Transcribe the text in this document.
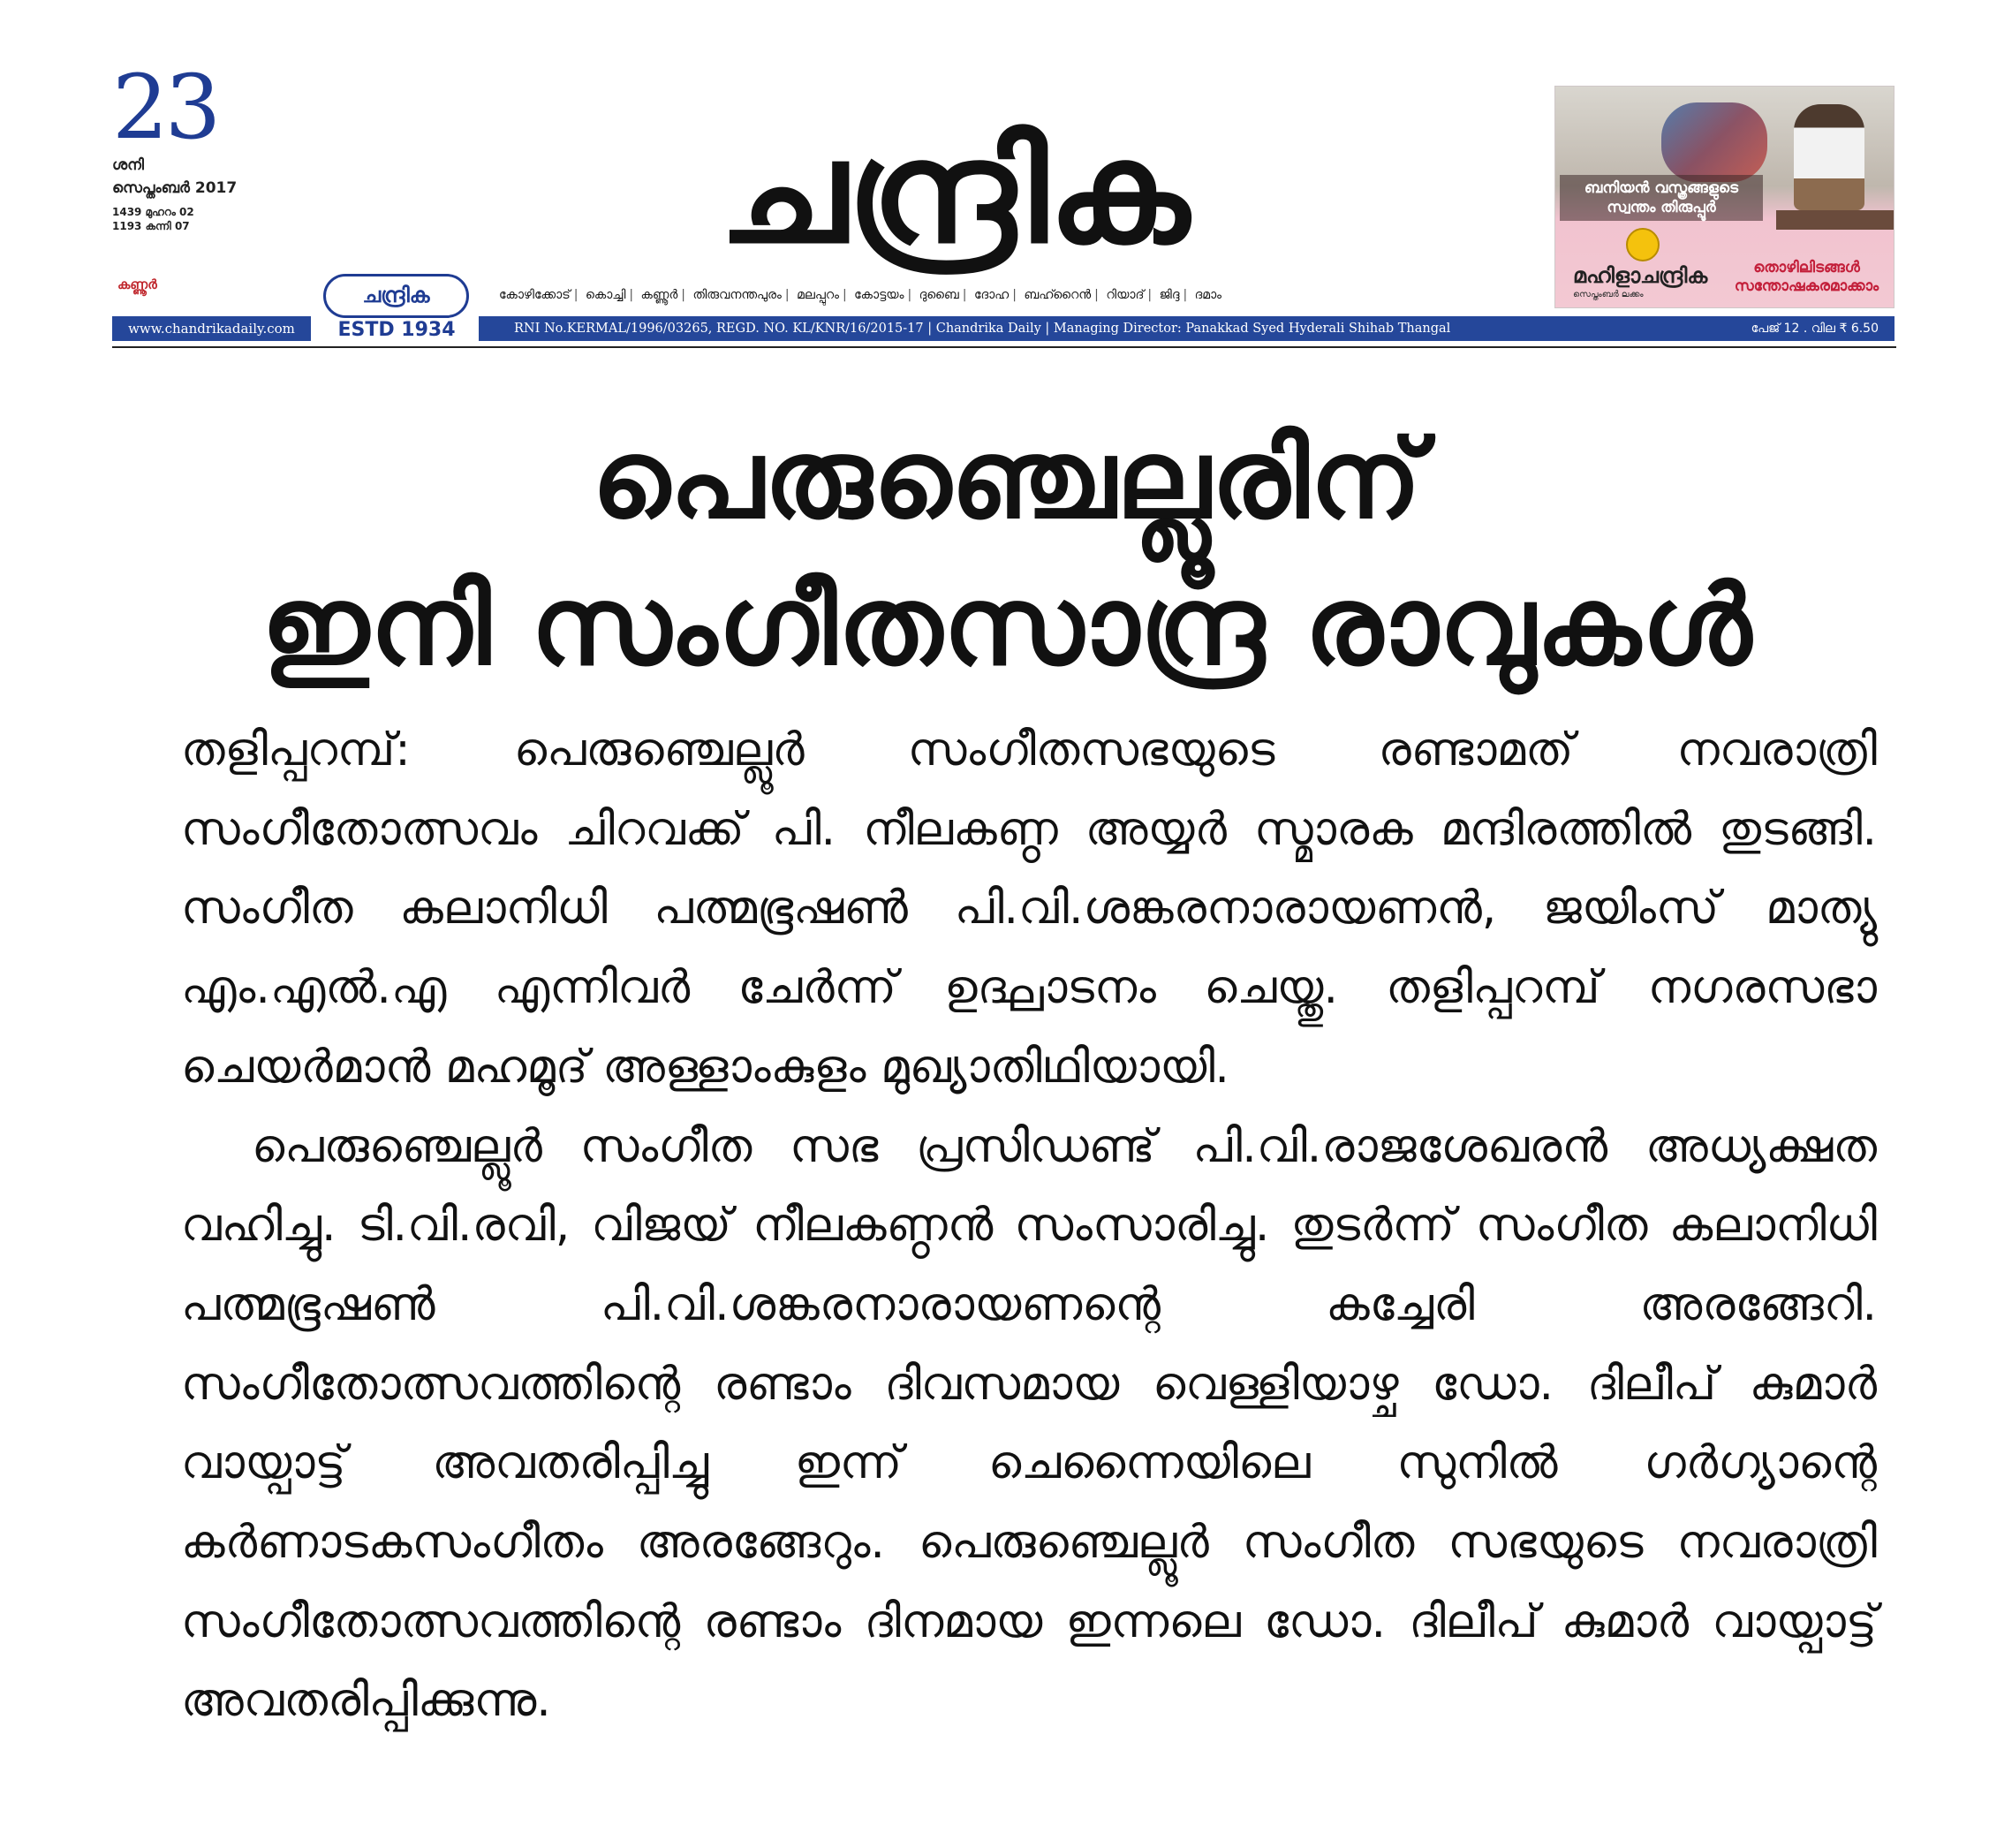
23
ശനി
സെപ്തംബർ 2017
1439 മുഹറം 02
1193 കന്നി 07
കണ്ണൂർ
ചന്ദ്രിക	ബനിയൻ വസ്ത്രങ്ങളുടെ സ്വന്തം തിരുപ്പൂർ
മഹിളാചന്ദ്രിക	തൊഴിലിടങ്ങൾ സന്തോഷകരമാക്കാം
സെപ്തംബർ ലക്കം
ചന്ദ്രിക
ESTD 1934
കോഴിക്കോട് | കൊച്ചി | കണ്ണൂർ | തിരുവനന്തപുരം | മലപ്പുറം | കോട്ടയം | ദുബൈ | ദോഹ | ബഹ്റൈൻ | റിയാദ് | ജിദ്ദ | ദമാം
www.chandrikadaily.com	RNI No.KERMAL/1996/03265, REGD. NO. KL/KNR/16/2015-17 | Chandrika Daily | Managing Director: Panakkad Syed Hyderali Shihab Thangal	പേജ് 12 . വില ₹ 6.50
പെരുഞ്ചെല്ലൂരിന്
ഇനി സംഗീതസാന്ദ്ര രാവുകൾ

തളിപ്പറമ്പ്: പെരുഞ്ചെല്ലൂർ സംഗീതസഭയുടെ രണ്ടാമത് നവരാത്രി സംഗീതോത്സവം ചിറവക്ക് പി. നീലകണ്ഠ അയ്യർ സ്മാരക മന്ദിരത്തിൽ തുടങ്ങി. സംഗീത കലാനിധി പത്മഭൂഷൺ പി.വി.ശങ്കരനാരായണൻ, ജയിംസ് മാത്യു എം.എൽ.എ എന്നിവർ ചേർന്ന് ഉദ്ഘാടനം ചെയ്തു. തളിപ്പറമ്പ് നഗരസഭാ ചെയർമാൻ മഹമൂദ് അള്ളാംകുളം മുഖ്യാതിഥിയായി.

പെരുഞ്ചെല്ലൂർ സംഗീത സഭ പ്രസിഡണ്ട് പി.വി.രാജശേഖരൻ അധ്യക്ഷത വഹിച്ചു. ടി.വി.രവി, വിജയ് നീലകണ്ഠൻ സംസാരിച്ചു. തുടർന്ന് സംഗീത കലാനിധി പത്മഭൂഷൺ പി.വി.ശങ്കരനാരായണന്റെ കച്ചേരി അരങ്ങേറി. സംഗീതോത്സവത്തിന്റെ രണ്ടാം ദിവസമായ വെള്ളിയാഴ്ച ഡോ. ദിലീപ് കുമാർ വായ്പാട്ട് അവതരിപ്പിച്ചു ഇന്ന് ചെന്നൈയിലെ സുനിൽ ഗർഗ്യാന്റെ കർണാടകസംഗീതം അരങ്ങേറും. പെരുഞ്ചെല്ലൂർ സംഗീത സഭയുടെ നവരാത്രി സംഗീതോത്സവത്തിന്റെ രണ്ടാം ദിനമായ ഇന്നലെ ഡോ. ദിലീപ് കുമാർ വായ്പാട്ട് അവതരിപ്പിക്കുന്നു.
